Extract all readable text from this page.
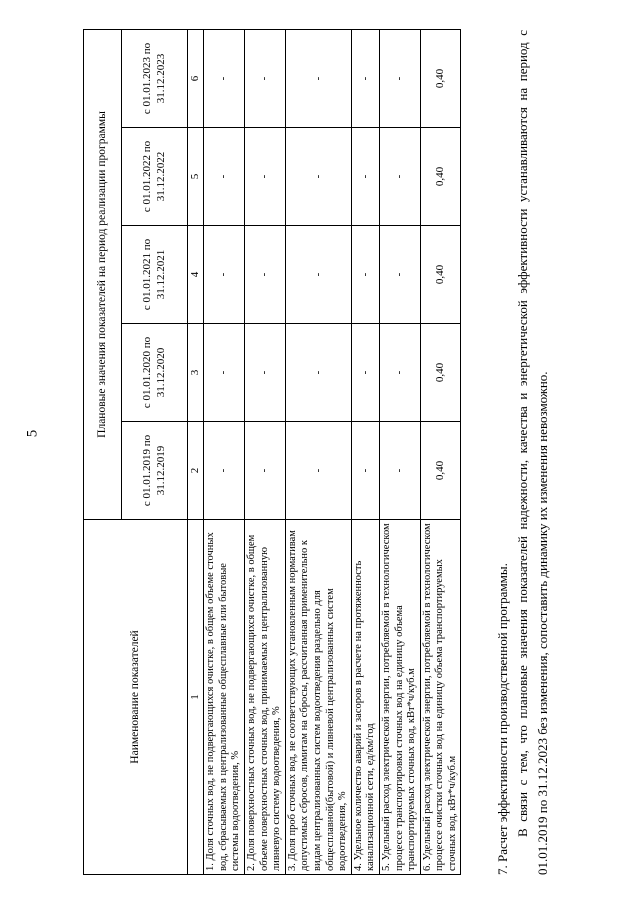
5
Наименование показателей	Плановые значения показателей на период реализации программы				
	с 01.01.2019 по 31.12.2019	с 01.01.2020 по 31.12.2020	с 01.01.2021 по 31.12.2021	с 01.01.2022 по 31.12.2022	с 01.01.2023 по 31.12.2023
1	2	3	4	5	6
1. Доля сточных вод, не подвергающихся очистке, в общем объеме сточных вод, сбрасываемых в централизованные общесплавные или бытовые системы водоотведения, %	-	-	-	-	-
2. Доля поверхностных сточных вод, не подвергающихся очистке, в общем объеме поверхностных сточных вод, принимаемых в централизованную ливневую систему водоотведения, %	-	-	-	-	-
3. Доля проб сточных вод, не соответствующих установленным нормативам допустимых сбросов, лимитам на сбросы, рассчитанная применительно к видам централизованных систем водоотведения раздельно для общесплавной(бытовой) и ливневой централизованных систем водоотведения, %	-	-	-	-	-
4. Удельное количество аварий и засоров в расчете на протяженность канализационной сети, ед/км/год	-	-	-	-	-
5. Удельный расход электрической энергии, потребляемой в технологическом процессе транспортировки сточных вод на единицу объема транспортируемых сточных вод, кВт*ч/куб.м	-	-	-	-	-
6. Удельный расход электрической энергии, потребляемой в технологическом процессе очистки сточных вод на единицу объема транспортируемых сточных вод, кВт*ч/куб.м	0,40	0,40	0,40	0,40	0,40

7. Расчет эффективности производственной программы. В связи с тем, что плановые значения показателей надежности, качества и энергетической эффективности устанавливаются на период с 01.01.2019 по 31.12.2023 без изменения, сопоставить динамику их изменения невозможно.
